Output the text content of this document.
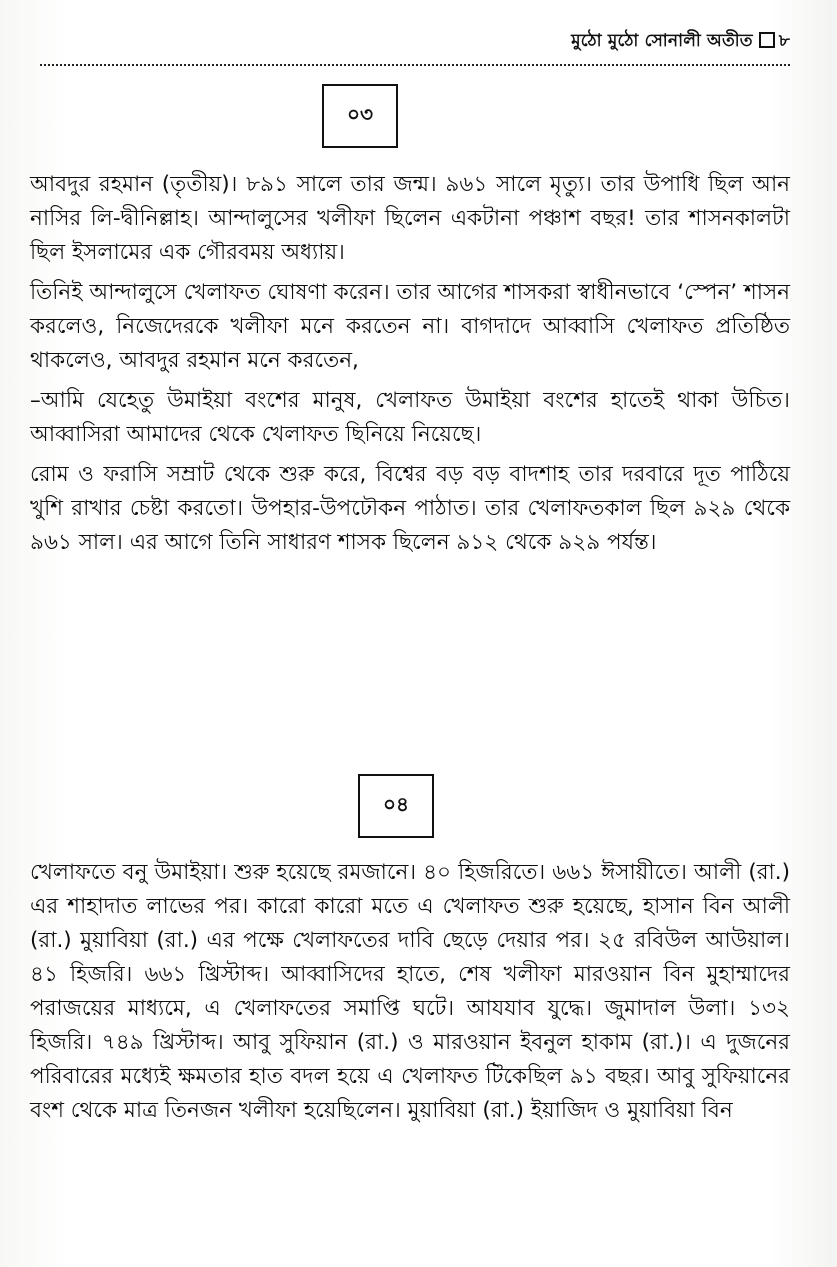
মুঠো মুঠো সোনালী অতীত ৮
০৩

আবদুর রহমান (তৃতীয়)। ৮৯১ সালে তার জন্ম। ৯৬১ সালে মৃত্যু। তার উপাধি ছিল আন নাসির লি-দ্বীনিল্লাহ। আন্দালুসের খলীফা ছিলেন একটানা পঞ্চাশ বছর! তার শাসনকালটা ছিল ইসলামের এক গৌরবময় অধ্যায়।

তিনিই আন্দালুসে খেলাফত ঘোষণা করেন। তার আগের শাসকরা স্বাধীনভাবে ‘স্পেন’ শাসন করলেও, নিজেদেরকে খলীফা মনে করতেন না। বাগদাদে আব্বাসি খেলাফত প্রতিষ্ঠিত থাকলেও, আবদুর রহমান মনে করতেন,

–আমি যেহেতু উমাইয়া বংশের মানুষ, খেলাফত উমাইয়া বংশের হাতেই থাকা উচিত। আব্বাসিরা আমাদের থেকে খেলাফত ছিনিয়ে নিয়েছে।

রোম ও ফরাসি সম্রাট থেকে শুরু করে, বিশ্বের বড় বড় বাদশাহ তার দরবারে দূত পাঠিয়ে খুশি রাখার চেষ্টা করতো। উপহার-উপঢৌকন পাঠাত। তার খেলাফতকাল ছিল ৯২৯ থেকে ৯৬১ সাল। এর আগে তিনি সাধারণ শাসক ছিলেন ৯১২ থেকে ৯২৯ পর্যন্ত।

০৪

খেলাফতে বনু উমাইয়া। শুরু হয়েছে রমজানে। ৪০ হিজরিতে। ৬৬১ ঈসায়ীতে। আলী (রা.) এর শাহাদাত লাভের পর। কারো কারো মতে এ খেলাফত শুরু হয়েছে, হাসান বিন আলী (রা.) মুয়াবিয়া (রা.) এর পক্ষে খেলাফতের দাবি ছেড়ে দেয়ার পর। ২৫ রবিউল আউয়াল। ৪১ হিজরি। ৬৬১ খ্রিস্টাব্দ। আব্বাসিদের হাতে, শেষ খলীফা মারওয়ান বিন মুহাম্মাদের পরাজয়ের মাধ্যমে, এ খেলাফতের সমাপ্তি ঘটে। আযযাব যুদ্ধে। জুমাদাল উলা। ১৩২ হিজরি। ৭৪৯ খ্রিস্টাব্দ। আবু সুফিয়ান (রা.) ও মারওয়ান ইবনুল হাকাম (রা.)। এ দুজনের পরিবারের মধ্যেই ক্ষমতার হাত বদল হয়ে এ খেলাফত টিকেছিল ৯১ বছর। আবু সুফিয়ানের বংশ থেকে মাত্র তিনজন খলীফা হয়েছিলেন। মুয়াবিয়া (রা.) ইয়াজিদ ও মুয়াবিয়া বিন
